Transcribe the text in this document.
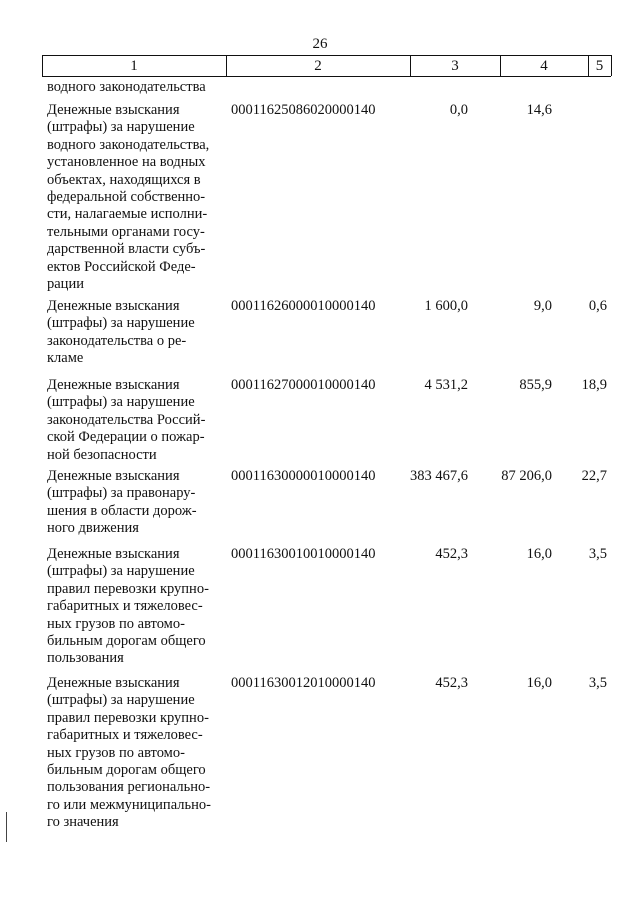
26
1	2	3	4	5
водного законодательства
Денежные взыскания
(штрафы) за нарушение
водного законодательства,
установленное на водных
объектах, находящихся в
федеральной собственно-
сти, налагаемые исполни-
тельными органами госу-
дарственной власти субъ-
ектов Российской Феде-
рации
00011625086020000140	0,0	14,6
Денежные взыскания
(штрафы) за нарушение
законодательства о ре-
кламе
00011626000010000140	1 600,0	9,0	0,6
Денежные взыскания
(штрафы) за нарушение
законодательства Россий-
ской Федерации о пожар-
ной безопасности
00011627000010000140	4 531,2	855,9	18,9
Денежные взыскания
(штрафы) за правонару-
шения в области дорож-
ного движения
00011630000010000140	383 467,6	87 206,0	22,7
Денежные взыскания
(штрафы) за нарушение
правил перевозки крупно-
габаритных и тяжеловес-
ных грузов по автомо-
бильным дорогам общего
пользования
00011630010010000140	452,3	16,0	3,5
Денежные взыскания
(штрафы) за нарушение
правил перевозки крупно-
габаритных и тяжеловес-
ных грузов по автомо-
бильным дорогам общего
пользования регионально-
го или межмуниципально-
го значения
00011630012010000140	452,3	16,0	3,5
